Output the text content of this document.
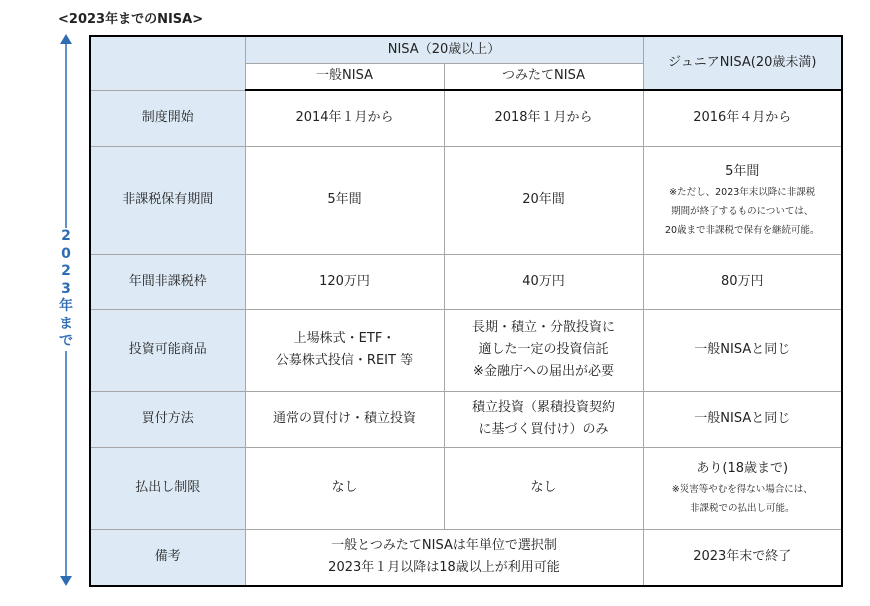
<2023年までのNISA>
2
0
2
3
年
ま
で
	NISA（20歳以上）		ジュニアNISA(20歳未満)
	一般NISA	つみたてNISA	
制度開始	2014年１月から	2018年１月から	2016年４月から
非課税保有期間	5年間	20年間	5年間
※ただし、2023年末以降に非課税
期間が終了するものについては、
20歳まで非課税で保有を継続可能。

年間非課税枠	120万円	40万円	80万円
投資可能商品	上場株式・ETF・
公募株式投信・REIT 等	長期・積立・分散投資に
適した一定の投資信託
※金融庁への届出が必要	一般NISAと同じ
買付方法	通常の買付け・積立投資	積立投資（累積投資契約
に基づく買付け）のみ	一般NISAと同じ
払出し制限	なし	なし	あり(18歳まで)
※災害等やむを得ない場合には、
非課税での払出し可能。

備考	一般とつみたてNISAは年単位で選択制
2023年１月以降は18歳以上が利用可能		2023年末で終了
